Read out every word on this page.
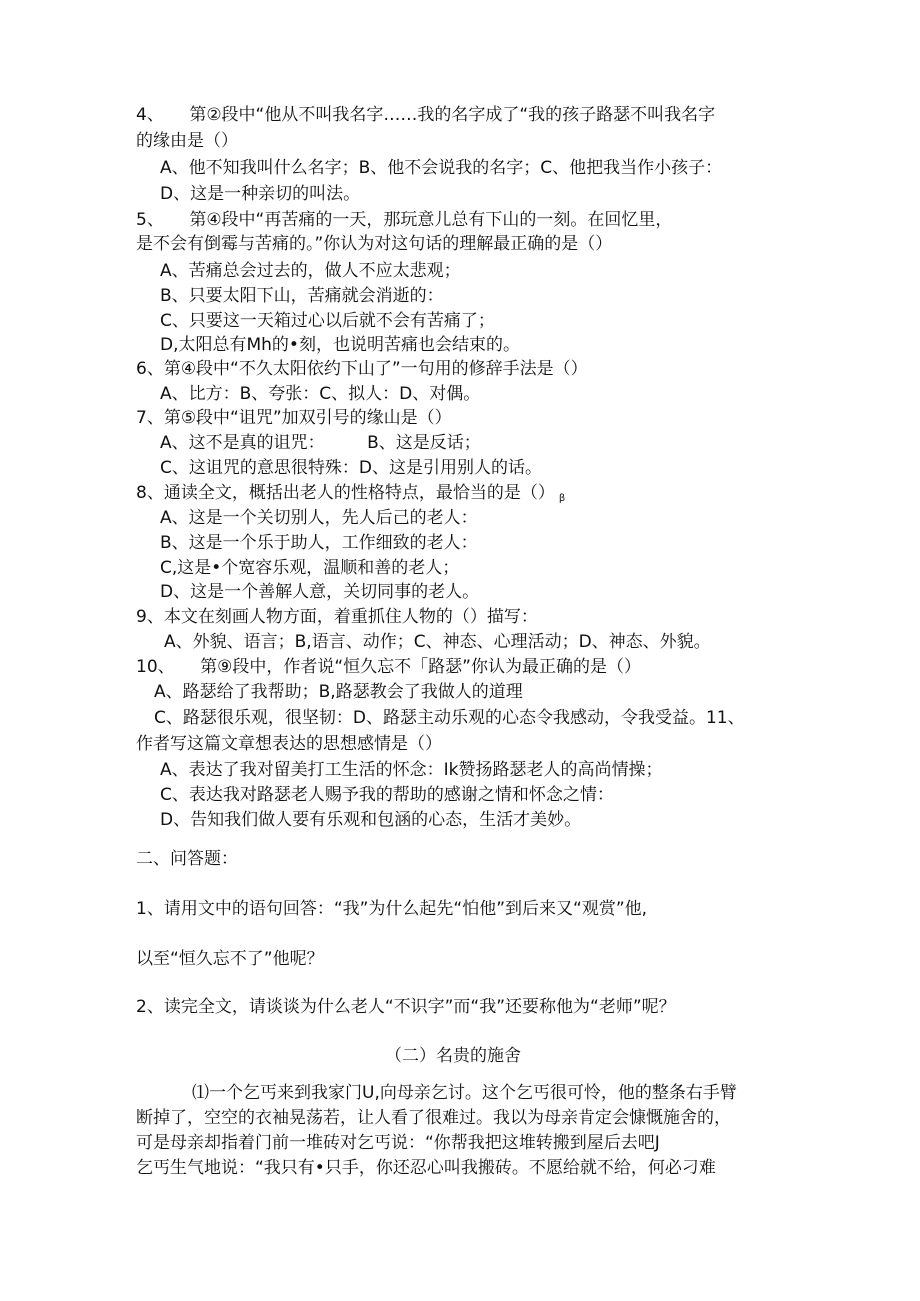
4、　　第②段中“他从不叫我名字……我的名字成了“我的孩子路瑟不叫我名字
的缘由是（）
A、他不知我叫什么名字；B、他不会说我的名字；C、他把我当作小孩子：
D、这是一种亲切的叫法。
5、　　第④段中“再苦痛的一天，那玩意儿总有下山的一刻。在回忆里，
是不会有倒霉与苦痛的。”你认为对这句话的理解最正确的是（）
A、苦痛总会过去的，做人不应太悲观；
B、只要太阳下山，苦痛就会消逝的：
C、只要这一天箱过心以后就不会有苦痛了；
D,太阳总有Mh的•刻，也说明苦痛也会结束的。
6、第④段中“不久太阳依约下山了”一句用的修辞手法是（）
A、比方：B、夸张：C、拟人：D、对偶。
7、第⑤段中“诅咒”加双引号的缘山是（）
A、这不是真的诅咒：　　　B、这是反话；
C、这诅咒的意思很特殊：D、这是引用别人的话。
8、通读全文，概括出老人的性格特点，最恰当的是（） $_\beta$
A、这是一个关切别人，先人后己的老人：
B、这是一个乐于助人，工作细致的老人：
C,这是•个宽容乐观，温顺和善的老人；
D、这是一个善解人意，关切同事的老人。
9、本文在刻画人物方面，着重抓住人物的（）描写：
A、外貌、语言；B,语言、动作；C、神态、心理活动；D、神态、外貌。
10、　　第⑨段中，作者说“恒久忘不「路瑟”你认为最正确的是（）
A、路瑟给了我帮助；B,路瑟教会了我做人的道理
C、路瑟很乐观，很坚韧：D、路瑟主动乐观的心态令我感动，令我受益。11、
作者写这篇文章想表达的思想感情是（）
A、表达了我对留美打工生活的怀念：Ik赞扬路瑟老人的高尚情操；
C、表达我对路瑟老人赐予我的帮助的感谢之情和怀念之情：
D、告知我们做人要有乐观和包涵的心态，生活才美妙。
二、问答题：
1、请用文中的语句回答：“我”为什么起先“怕他”到后来又“观赏”他,
以至“恒久忘不了”他呢？
2、读完全文，请谈谈为什么老人“不识字”而“我”还要称他为“老师”呢？
（二）名贵的施舍
⑴一个乞丐来到我家门U,向母亲乞讨。这个乞丐很可怜，他的整条右手臂
断掉了，空空的衣袖晃荡若，让人看了很难过。我以为母亲肯定会慷慨施舍的，
可是母亲却指着门前一堆砖对乞丐说：“你帮我把这堆转搬到屋后去吧J
乞丐生气地说：“我只有•只手，你还忍心叫我搬砖。不愿给就不给，何必刁难
